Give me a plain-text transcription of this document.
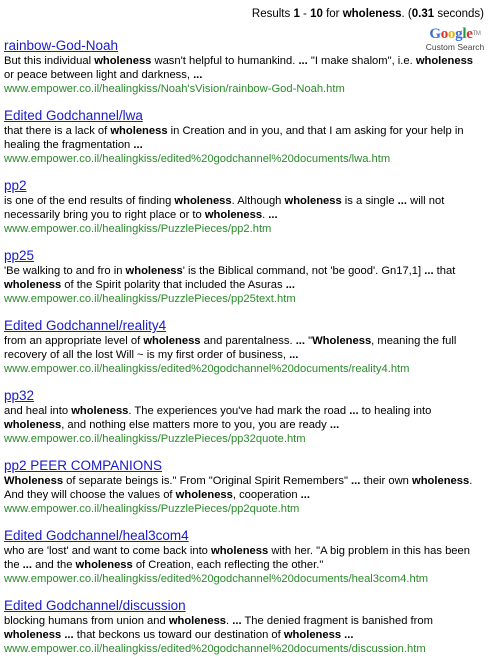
Results 1 - 10 for wholeness. (0.31 seconds)
Google™
Custom Search
rainbow-God-Noah
But this individual wholeness wasn't helpful to humankind. ... "I make shalom", i.e. wholeness or peace between light and darkness, ...
www.empower.co.il/healingkiss/Noah'sVision/rainbow-God-Noah.htm
Edited Godchannel/lwa
that there is a lack of wholeness in Creation and in you, and that I am asking for your help in healing the fragmentation ...
www.empower.co.il/healingkiss/edited%20godchannel%20documents/lwa.htm
pp2
is one of the end results of finding wholeness. Although wholeness is a single ... will not necessarily bring you to right place or to wholeness. ...
www.empower.co.il/healingkiss/PuzzlePieces/pp2.htm
pp25
'Be walking to and fro in wholeness' is the Biblical command, not 'be good'. Gn17,1] ... that wholeness of the Spirit polarity that included the Asuras ...
www.empower.co.il/healingkiss/PuzzlePieces/pp25text.htm
Edited Godchannel/reality4
from an appropriate level of wholeness and parentalness. ... "Wholeness, meaning the full recovery of all the lost Will ~ is my first order of business, ...
www.empower.co.il/healingkiss/edited%20godchannel%20documents/reality4.htm
pp32
and heal into wholeness. The experiences you've had mark the road ... to healing into wholeness, and nothing else matters more to you, you are ready ...
www.empower.co.il/healingkiss/PuzzlePieces/pp32quote.htm
pp2 PEER COMPANIONS
Wholeness of separate beings is." From "Original Spirit Remembers" ... their own wholeness. And they will choose the values of wholeness, cooperation ...
www.empower.co.il/healingkiss/PuzzlePieces/pp2quote.htm
Edited Godchannel/heal3com4
who are 'lost' and want to come back into wholeness with her. "A big problem in this has been the ... and the wholeness of Creation, each reflecting the other."
www.empower.co.il/healingkiss/edited%20godchannel%20documents/heal3com4.htm
Edited Godchannel/discussion
blocking humans from union and wholeness. ... The denied fragment is banished from wholeness ... that beckons us toward our destination of wholeness ...
www.empower.co.il/healingkiss/edited%20godchannel%20documents/discussion.htm
